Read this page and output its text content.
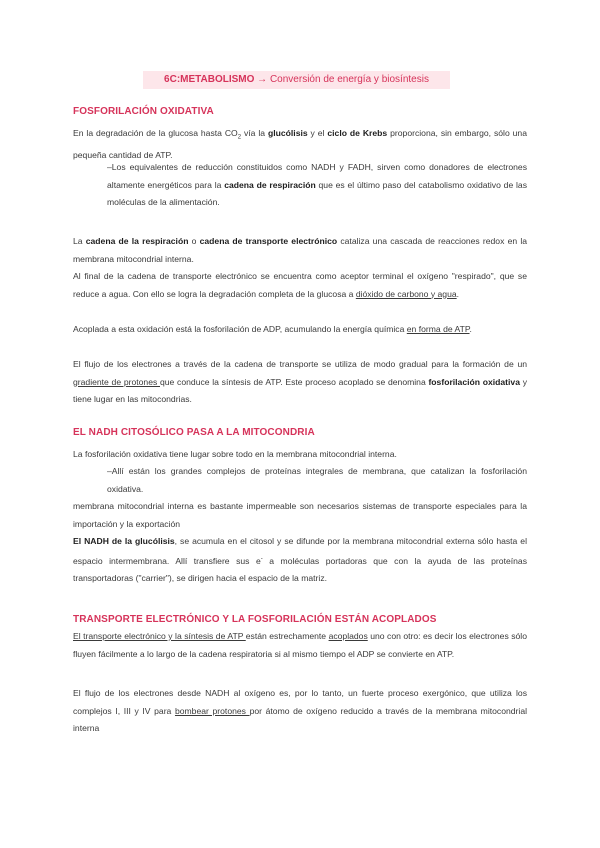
6C:METABOLISMO → Conversión de energía y biosíntesis
FOSFORILACIÓN OXIDATIVA
En la degradación de la glucosa hasta $CO_2$ vía la glucólisis y el ciclo de Krebs proporciona, sin embargo, sólo una pequeña cantidad de ATP.
–Los equivalentes de reducción constituidos como NADH y FADH, sirven como donadores de electrones altamente energéticos para la cadena de respiración que es el último paso del catabolismo oxidativo de las moléculas de la alimentación.
La cadena de la respiración o cadena de transporte electrónico cataliza una cascada de reacciones redox en la membrana mitocondrial interna.
Al final de la cadena de transporte electrónico se encuentra como aceptor terminal el oxígeno "respirado", que se reduce a agua. Con ello se logra la degradación completa de la glucosa a dióxido de carbono y agua.
Acoplada a esta oxidación está la fosforilación de ADP, acumulando la energía química en forma de ATP.
El flujo de los electrones a través de la cadena de transporte se utiliza de modo gradual para la formación de un gradiente de protones que conduce la síntesis de ATP. Este proceso acoplado se denomina fosforilación oxidativa y tiene lugar en las mitocondrias.
EL NADH CITOSÓLICO PASA A LA MITOCONDRIA
La fosforilación oxidativa tiene lugar sobre todo en la membrana mitocondrial interna.
–Allí están los grandes complejos de proteínas integrales de membrana, que catalizan la fosforilación oxidativa.
membrana mitocondrial interna es bastante impermeable son necesarios sistemas de transporte especiales para la importación y la exportación
El NADH de la glucólisis, se acumula en el citosol y se difunde por la membrana mitocondrial externa sólo hasta el espacio intermembrana. Allí transfiere sus e- a moléculas portadoras que con la ayuda de las proteínas transportadoras ("carrier"), se dirigen hacia el espacio de la matriz.
TRANSPORTE ELECTRÓNICO Y LA FOSFORILACIÓN ESTÁN ACOPLADOS
El transporte electrónico y la síntesis de ATP están estrechamente acoplados uno con otro: es decir los electrones sólo fluyen fácilmente a lo largo de la cadena respiratoria si al mismo tiempo el ADP se convierte en ATP.
El flujo de los electrones desde NADH al oxígeno es, por lo tanto, un fuerte proceso exergónico, que utiliza los complejos I, III y IV para bombear protones por átomo de oxígeno reducido a través de la membrana mitocondrial interna
